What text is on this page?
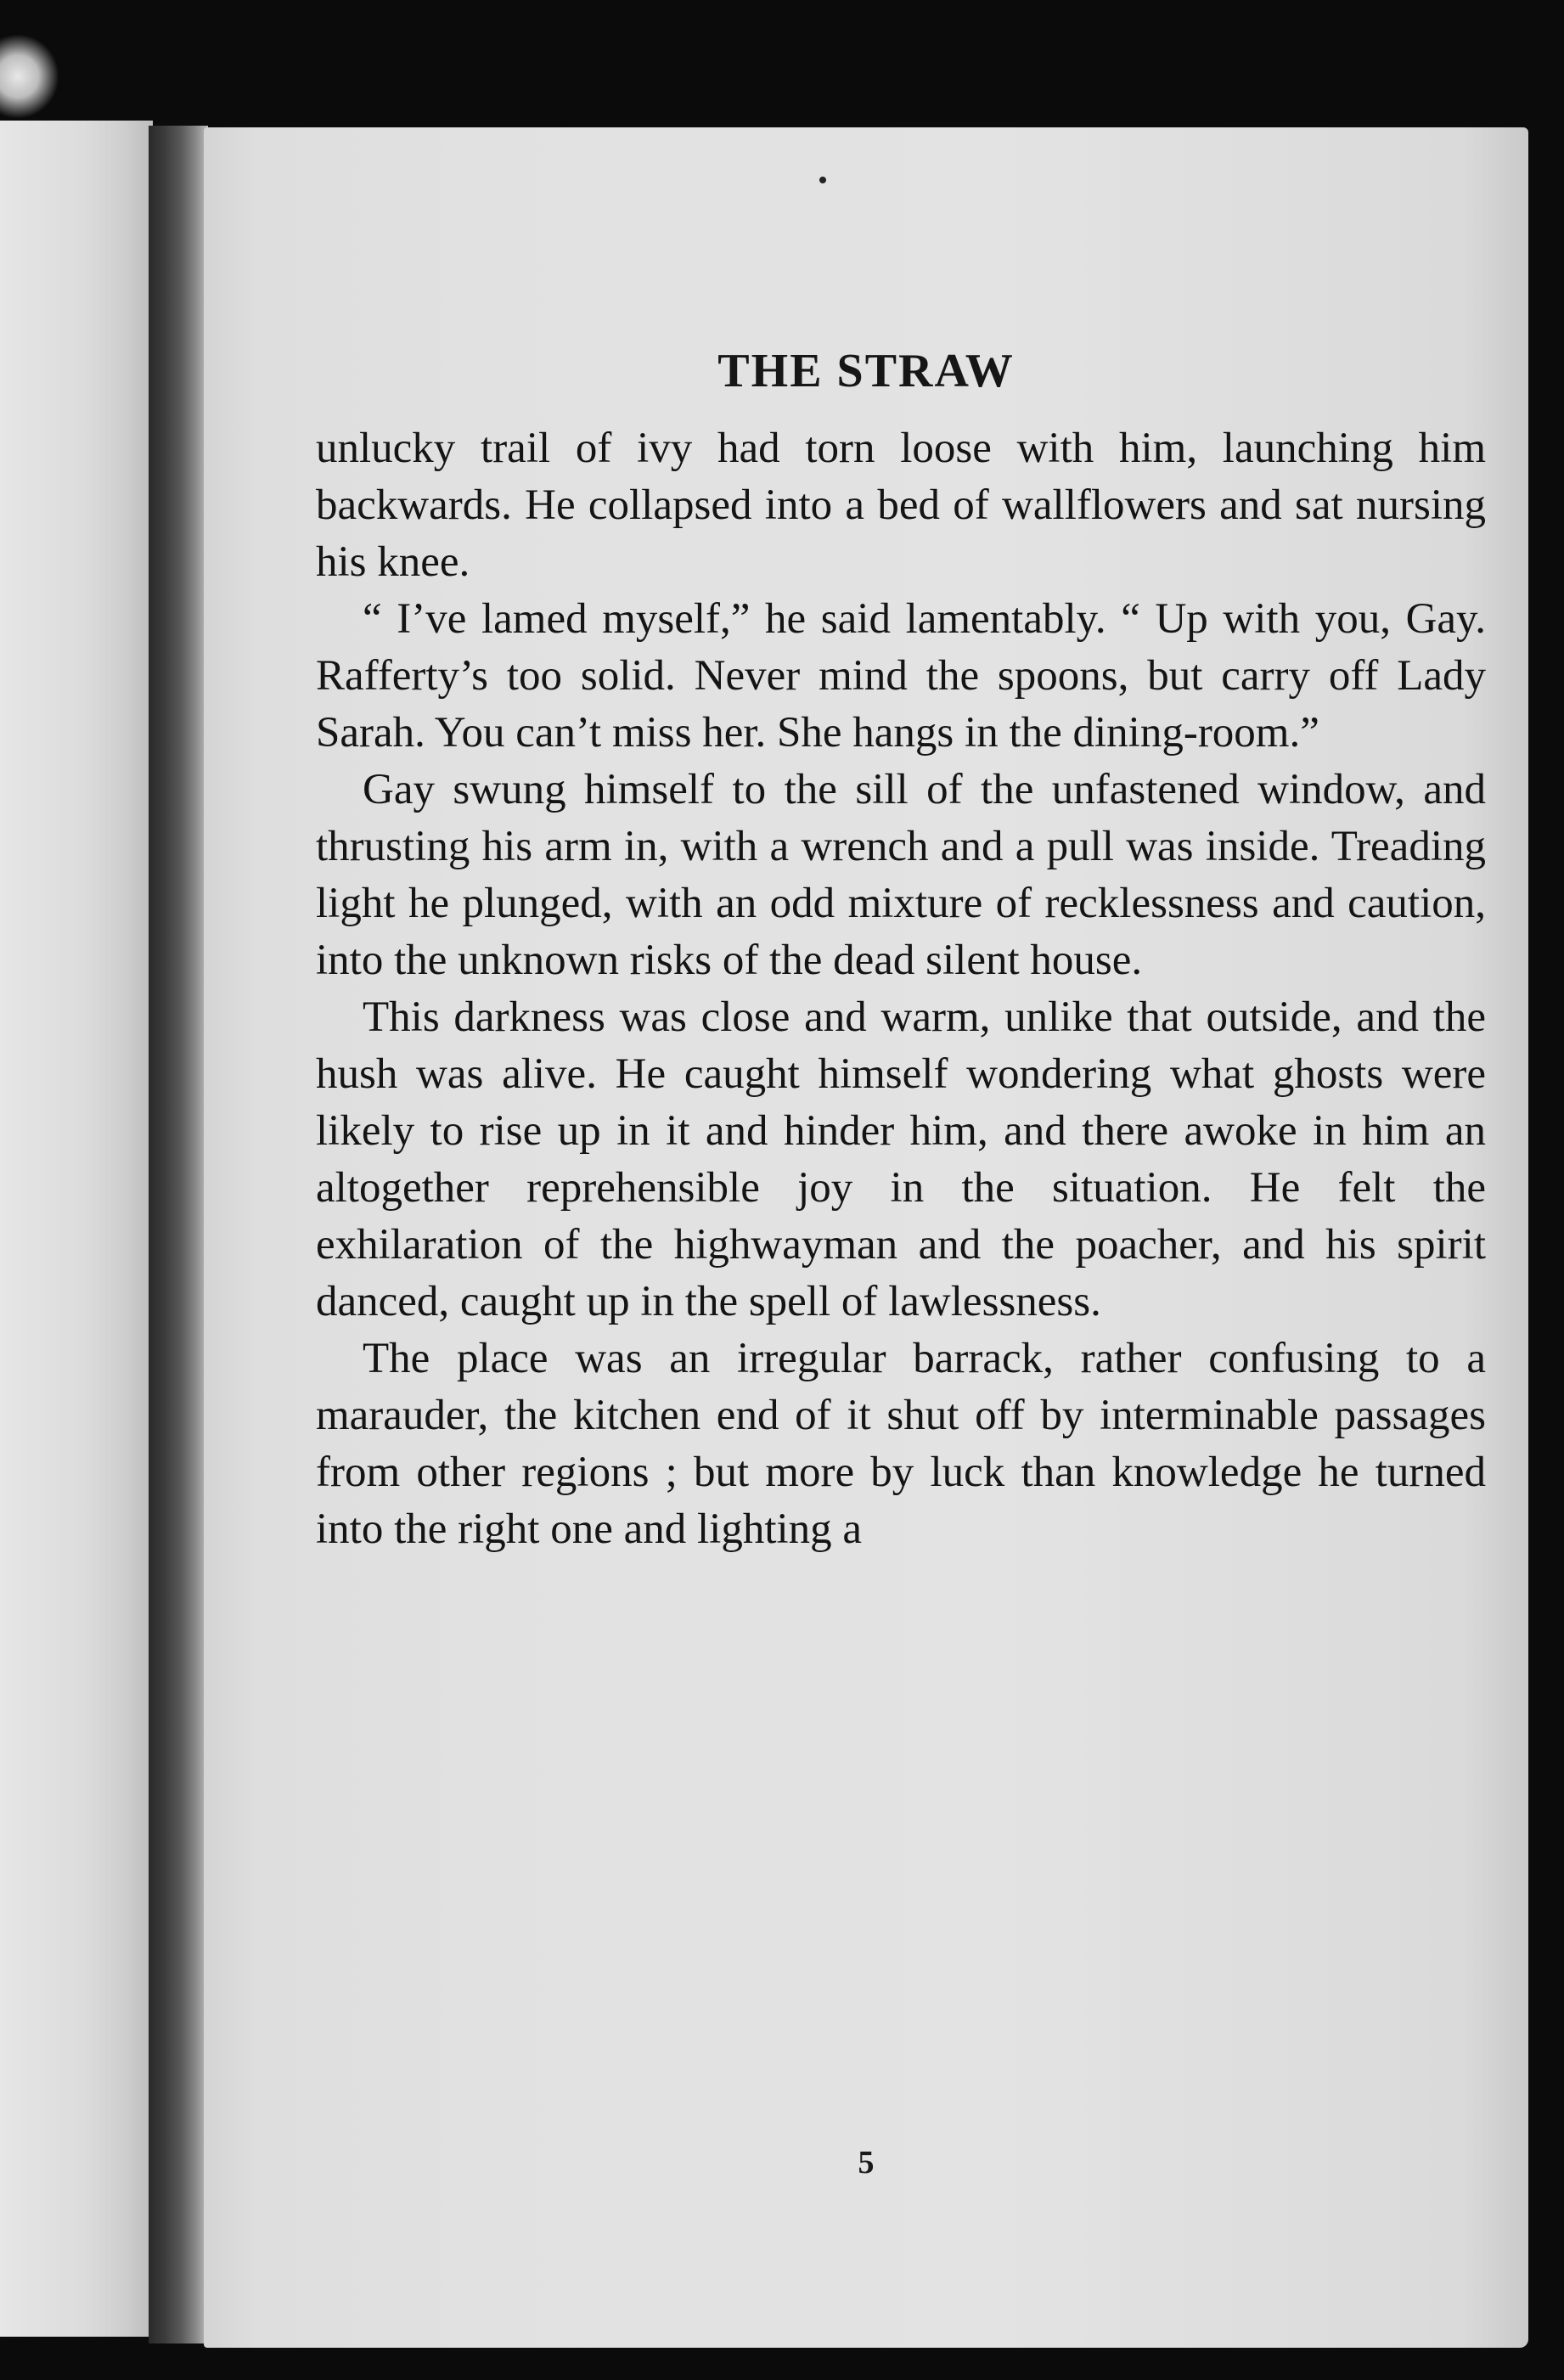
THE STRAW

unlucky trail of ivy had torn loose with him, launching him backwards. He collapsed into a bed of wallflowers and sat nursing his knee.

“ I’ve lamed myself,” he said lamentably. “ Up with you, Gay. Rafferty’s too solid. Never mind the spoons, but carry off Lady Sarah. You can’t miss her. She hangs in the dining-room.”

Gay swung himself to the sill of the unfastened window, and thrusting his arm in, with a wrench and a pull was inside. Treading light he plunged, with an odd mixture of recklessness and caution, into the unknown risks of the dead silent house.

This darkness was close and warm, unlike that outside, and the hush was alive. He caught himself wondering what ghosts were likely to rise up in it and hinder him, and there awoke in him an altogether reprehensible joy in the situation. He felt the exhilaration of the highwayman and the poacher, and his spirit danced, caught up in the spell of lawlessness.

The place was an irregular barrack, rather confusing to a marauder, the kitchen end of it shut off by interminable passages from other regions ; but more by luck than knowledge he turned into the right one and lighting a

5
